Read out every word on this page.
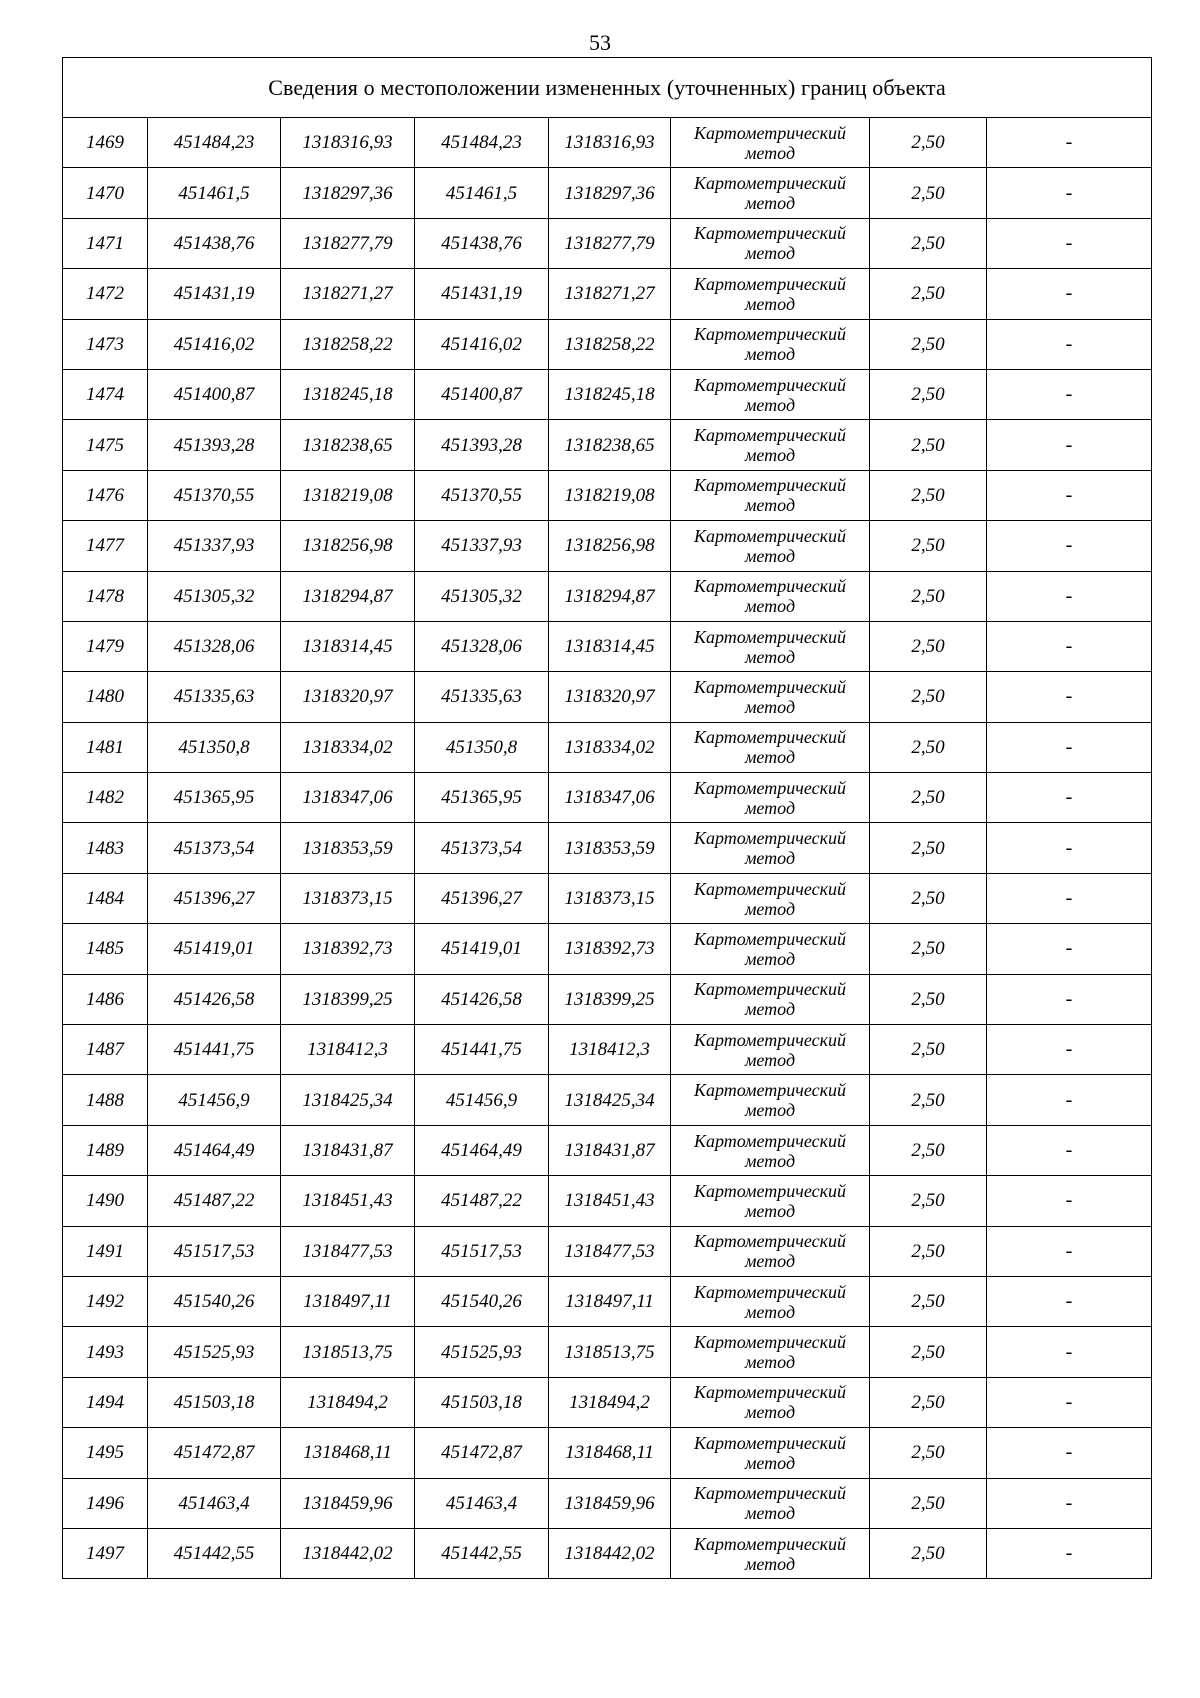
53
Сведения о местоположении измененных (уточненных) границ объекта							
1469	451484,23	1318316,93	451484,23	1318316,93	Картометрический метод	2,50	-
1470	451461,5	1318297,36	451461,5	1318297,36	Картометрический метод	2,50	-
1471	451438,76	1318277,79	451438,76	1318277,79	Картометрический метод	2,50	-
1472	451431,19	1318271,27	451431,19	1318271,27	Картометрический метод	2,50	-
1473	451416,02	1318258,22	451416,02	1318258,22	Картометрический метод	2,50	-
1474	451400,87	1318245,18	451400,87	1318245,18	Картометрический метод	2,50	-
1475	451393,28	1318238,65	451393,28	1318238,65	Картометрический метод	2,50	-
1476	451370,55	1318219,08	451370,55	1318219,08	Картометрический метод	2,50	-
1477	451337,93	1318256,98	451337,93	1318256,98	Картометрический метод	2,50	-
1478	451305,32	1318294,87	451305,32	1318294,87	Картометрический метод	2,50	-
1479	451328,06	1318314,45	451328,06	1318314,45	Картометрический метод	2,50	-
1480	451335,63	1318320,97	451335,63	1318320,97	Картометрический метод	2,50	-
1481	451350,8	1318334,02	451350,8	1318334,02	Картометрический метод	2,50	-
1482	451365,95	1318347,06	451365,95	1318347,06	Картометрический метод	2,50	-
1483	451373,54	1318353,59	451373,54	1318353,59	Картометрический метод	2,50	-
1484	451396,27	1318373,15	451396,27	1318373,15	Картометрический метод	2,50	-
1485	451419,01	1318392,73	451419,01	1318392,73	Картометрический метод	2,50	-
1486	451426,58	1318399,25	451426,58	1318399,25	Картометрический метод	2,50	-
1487	451441,75	1318412,3	451441,75	1318412,3	Картометрический метод	2,50	-
1488	451456,9	1318425,34	451456,9	1318425,34	Картометрический метод	2,50	-
1489	451464,49	1318431,87	451464,49	1318431,87	Картометрический метод	2,50	-
1490	451487,22	1318451,43	451487,22	1318451,43	Картометрический метод	2,50	-
1491	451517,53	1318477,53	451517,53	1318477,53	Картометрический метод	2,50	-
1492	451540,26	1318497,11	451540,26	1318497,11	Картометрический метод	2,50	-
1493	451525,93	1318513,75	451525,93	1318513,75	Картометрический метод	2,50	-
1494	451503,18	1318494,2	451503,18	1318494,2	Картометрический метод	2,50	-
1495	451472,87	1318468,11	451472,87	1318468,11	Картометрический метод	2,50	-
1496	451463,4	1318459,96	451463,4	1318459,96	Картометрический метод	2,50	-
1497	451442,55	1318442,02	451442,55	1318442,02	Картометрический метод	2,50	-
